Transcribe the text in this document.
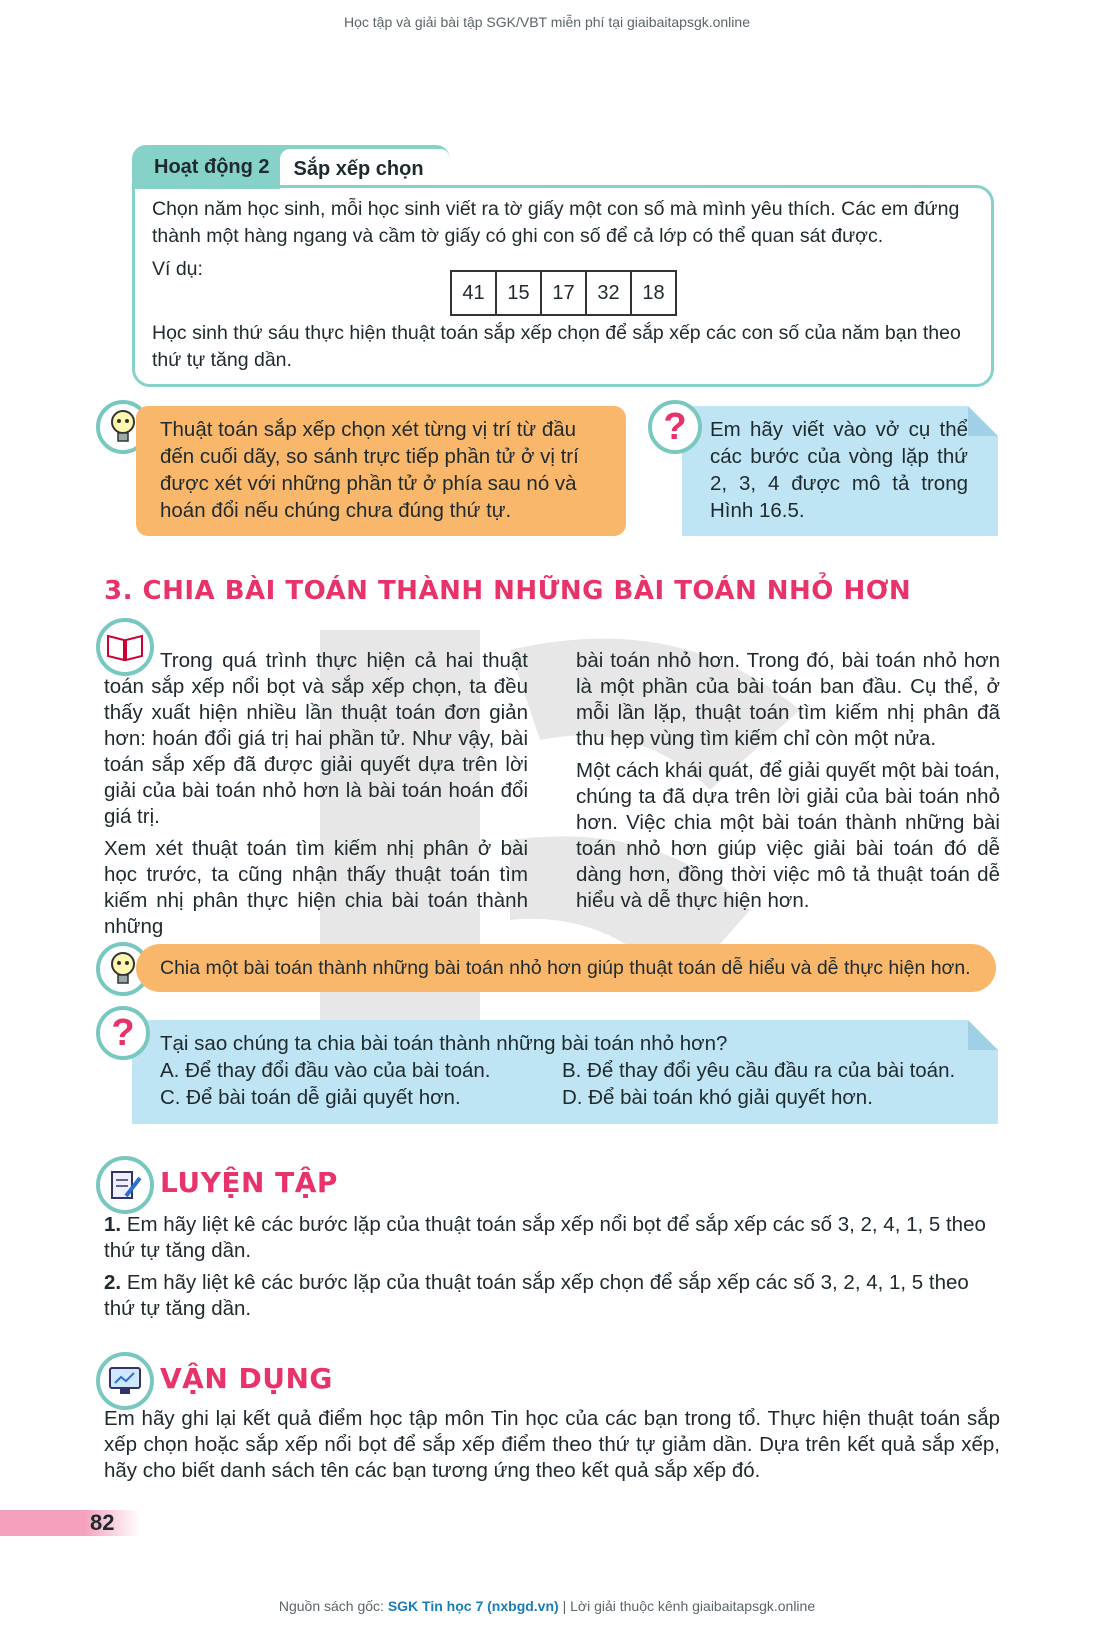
Học tập và giải bài tập SGK/VBT miễn phí tại giaibaitapsgk.online
Hoạt động 2	Sắp xếp chọn
Chọn năm học sinh, mỗi học sinh viết ra tờ giấy một con số mà mình yêu thích. Các em đứng thành một hàng ngang và cầm tờ giấy có ghi con số để cả lớp có thể quan sát được.
Ví dụ:
41	15	17	32	18
Học sinh thứ sáu thực hiện thuật toán sắp xếp chọn để sắp xếp các con số của năm bạn theo thứ tự tăng dần.
Thuật toán sắp xếp chọn xét từng vị trí từ đầu đến cuối dãy, so sánh trực tiếp phần tử ở vị trí được xét với những phần tử ở phía sau nó và hoán đổi nếu chúng chưa đúng thứ tự.
? Em hãy viết vào vở cụ thể các bước của vòng lặp thứ 2, 3, 4 được mô tả trong Hình 16.5.
3. CHIA BÀI TOÁN THÀNH NHỮNG BÀI TOÁN NHỎ HƠN

Trong quá trình thực hiện cả hai thuật toán sắp xếp nổi bọt và sắp xếp chọn, ta đều thấy xuất hiện nhiều lần thuật toán đơn giản hơn: hoán đổi giá trị hai phần tử. Như vậy, bài toán sắp xếp đã được giải quyết dựa trên lời giải của bài toán nhỏ hơn là bài toán hoán đổi giá trị.

Xem xét thuật toán tìm kiếm nhị phân ở bài học trước, ta cũng nhận thấy thuật toán tìm kiếm nhị phân thực hiện chia bài toán thành những

bài toán nhỏ hơn. Trong đó, bài toán nhỏ hơn là một phần của bài toán ban đầu. Cụ thể, ở mỗi lần lặp, thuật toán tìm kiếm nhị phân đã thu hẹp vùng tìm kiếm chỉ còn một nửa.

Một cách khái quát, để giải quyết một bài toán, chúng ta đã dựa trên lời giải của bài toán nhỏ hơn. Việc chia một bài toán thành những bài toán nhỏ hơn giúp việc giải bài toán đó dễ dàng hơn, đồng thời việc mô tả thuật toán dễ hiểu và dễ thực hiện hơn.

Chia một bài toán thành những bài toán nhỏ hơn giúp thuật toán dễ hiểu và dễ thực hiện hơn.
? Tại sao chúng ta chia bài toán thành những bài toán nhỏ hơn?
A. Để thay đổi đầu vào của bài toán.	B. Để thay đổi yêu cầu đầu ra của bài toán.
C. Để bài toán dễ giải quyết hơn.	D. Để bài toán khó giải quyết hơn.
LUYỆN TẬP

1. Em hãy liệt kê các bước lặp của thuật toán sắp xếp nổi bọt để sắp xếp các số 3, 2, 4, 1, 5 theo thứ tự tăng dần.

2. Em hãy liệt kê các bước lặp của thuật toán sắp xếp chọn để sắp xếp các số 3, 2, 4, 1, 5 theo thứ tự tăng dần.

VẬN DỤNG
Em hãy ghi lại kết quả điểm học tập môn Tin học của các bạn trong tổ. Thực hiện thuật toán sắp xếp chọn hoặc sắp xếp nổi bọt để sắp xếp điểm theo thứ tự giảm dần. Dựa trên kết quả sắp xếp, hãy cho biết danh sách tên các bạn tương ứng theo kết quả sắp xếp đó.
82
Nguồn sách gốc: SGK Tin học 7 (nxbgd.vn) | Lời giải thuộc kênh giaibaitapsgk.online
